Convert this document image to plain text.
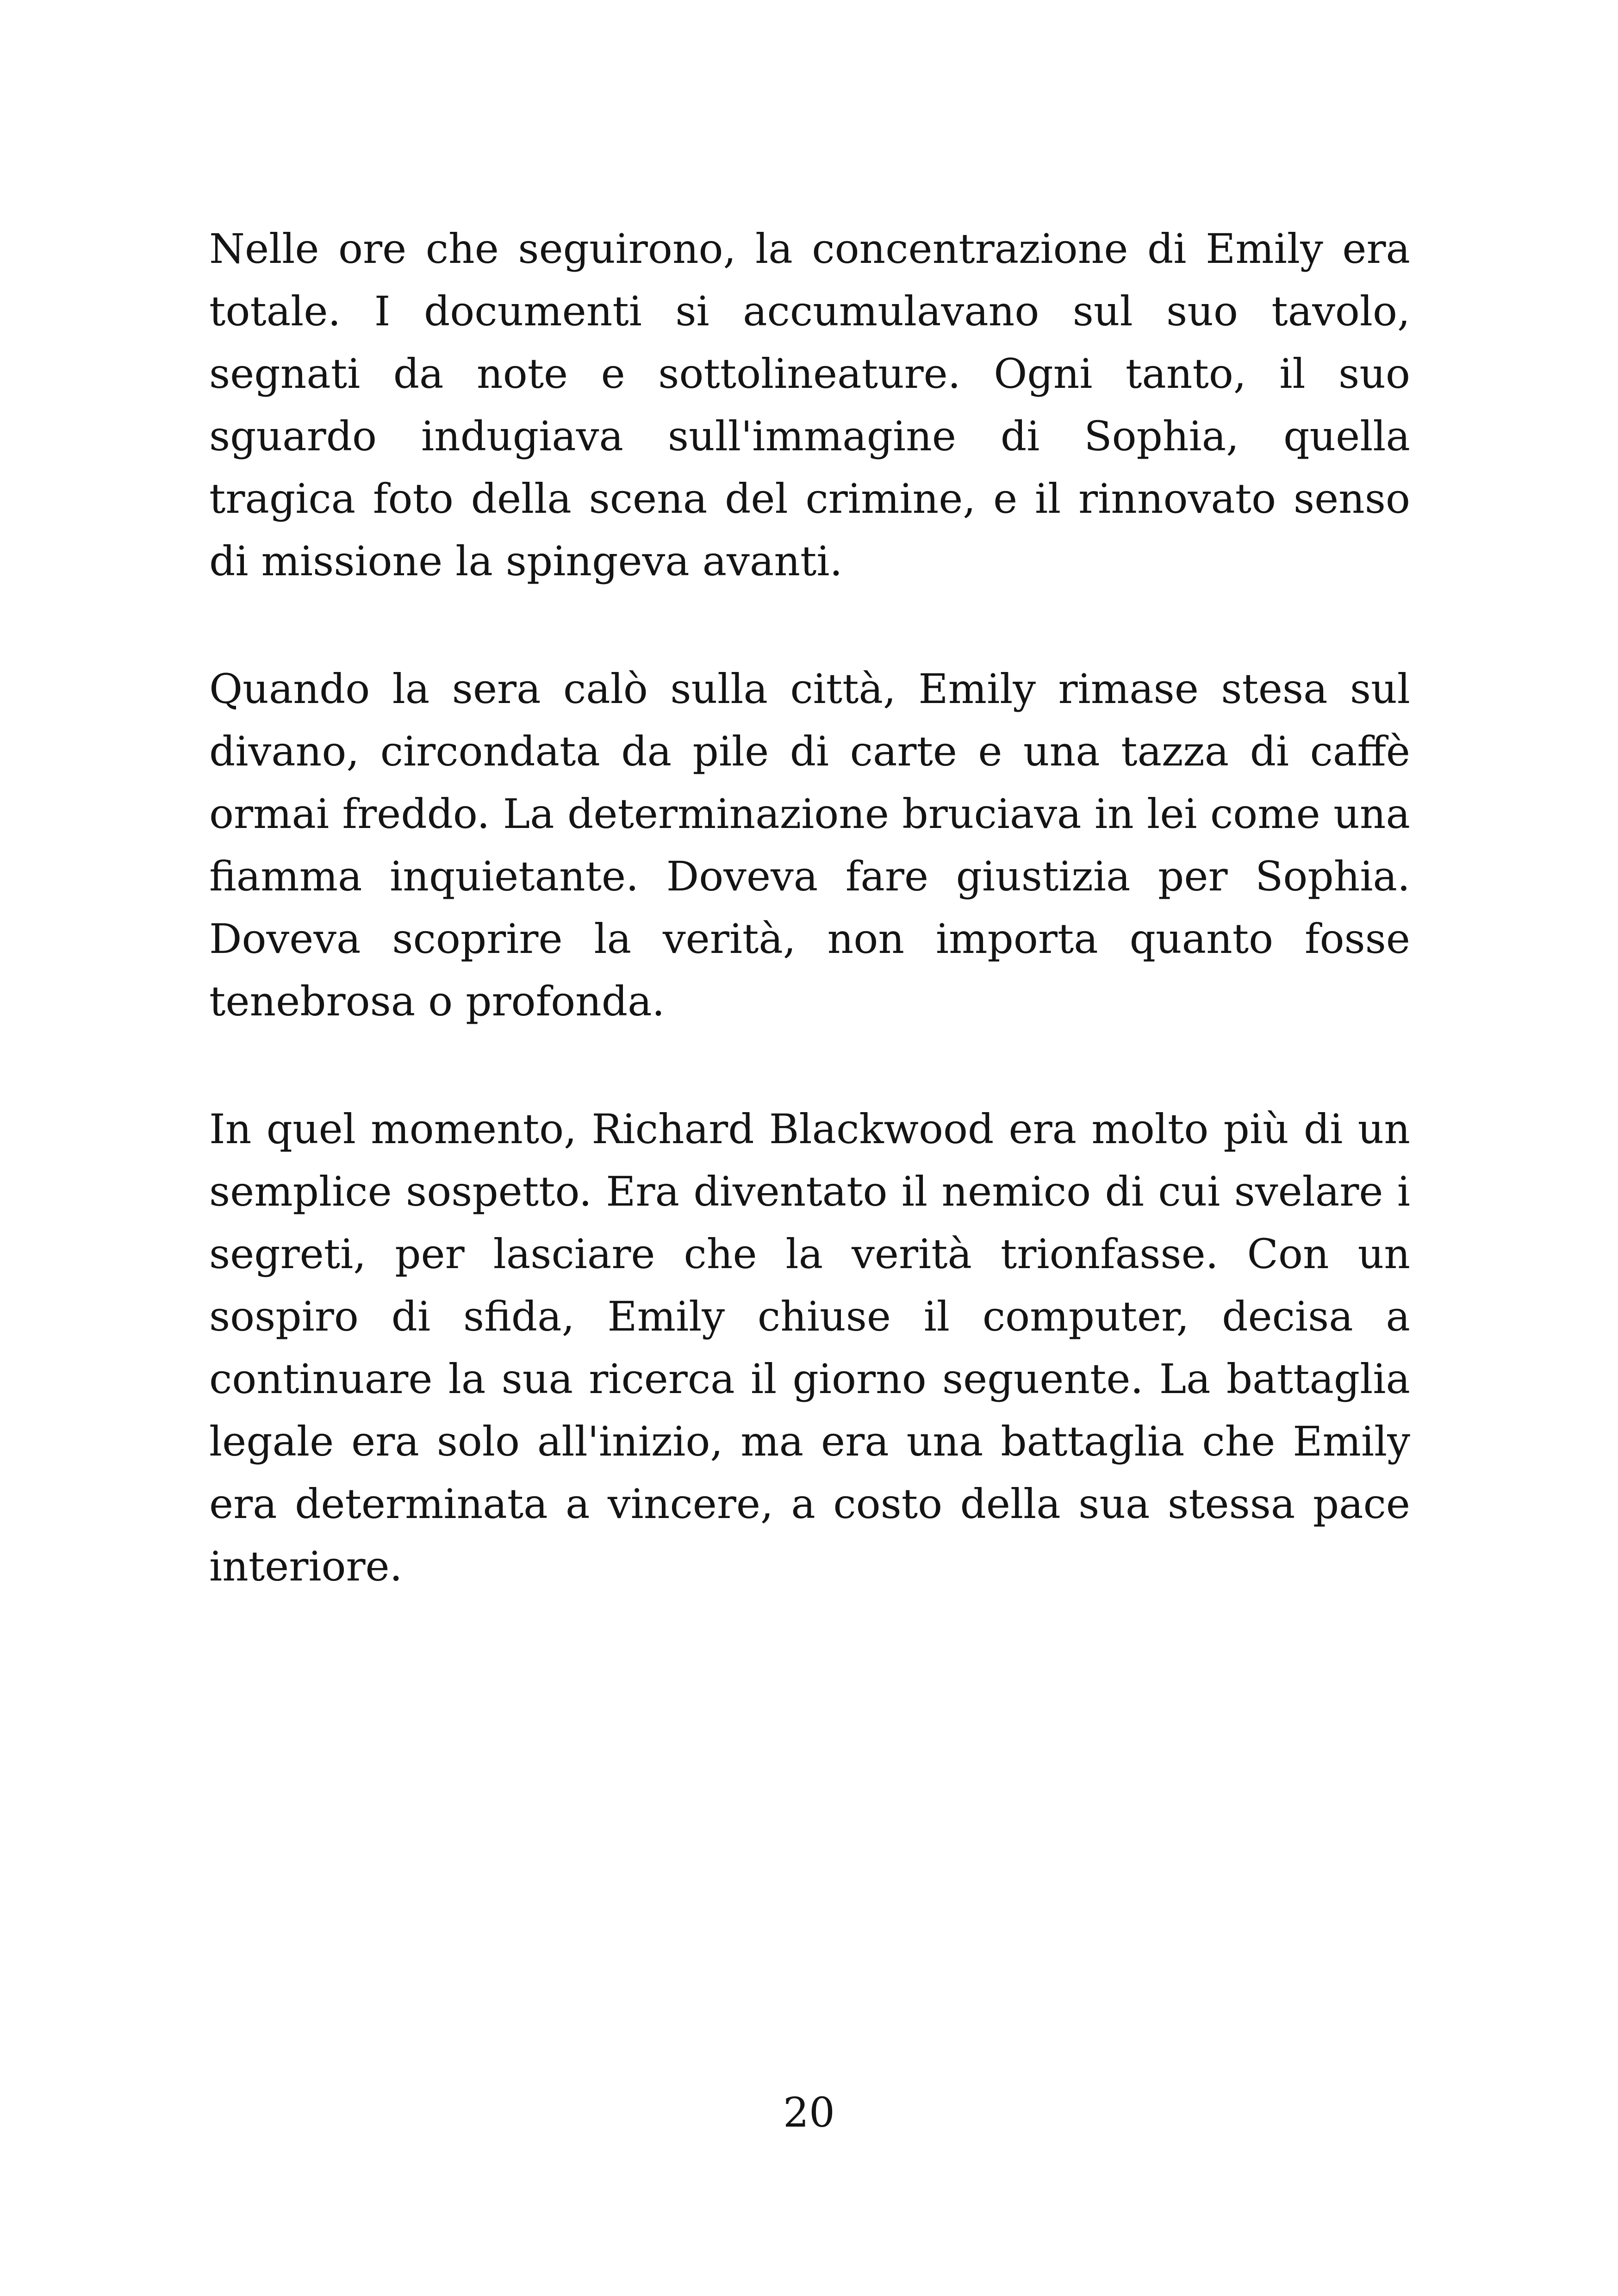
Nelle ore che seguirono, la concentrazione di Emily era totale. I documenti si accumulavano sul suo tavolo, segnati da note e sottolineature. Ogni tanto, il suo sguardo indugiava sull'immagine di Sophia, quella tragica foto della scena del crimine, e il rinnovato senso di missione la spingeva avanti.

Quando la sera calò sulla città, Emily rimase stesa sul divano, circondata da pile di carte e una tazza di caffè ormai freddo. La determinazione bruciava in lei come una fiamma inquietante. Doveva fare giustizia per Sophia. Doveva scoprire la verità, non importa quanto fosse tenebrosa o profonda.

In quel momento, Richard Blackwood era molto più di un semplice sospetto. Era diventato il nemico di cui svelare i segreti, per lasciare che la verità trionfasse. Con un sospiro di sfida, Emily chiuse il computer, decisa a continuare la sua ricerca il giorno seguente. La battaglia legale era solo all'inizio, ma era una battaglia che Emily era determinata a vincere, a costo della sua stessa pace interiore.

20
